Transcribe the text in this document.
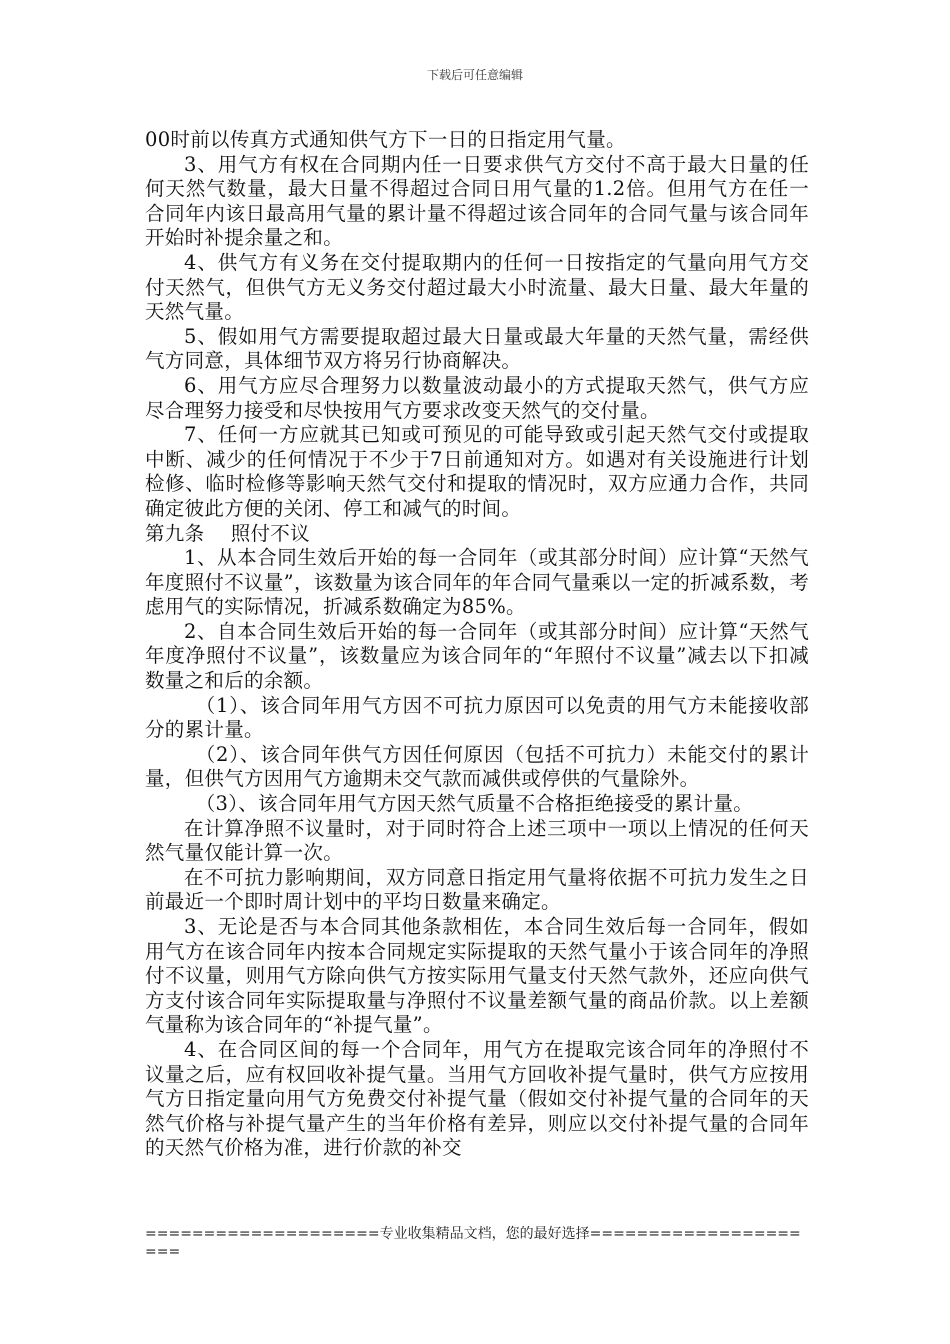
下载后可任意编辑

00时前以传真方式通知供气方下一日的日指定用气量。

3、用气方有权在合同期内任一日要求供气方交付不高于最大日量的任何天然气数量，最大日量不得超过合同日用气量的1.2倍。但用气方在任一合同年内该日最高用气量的累计量不得超过该合同年的合同气量与该合同年开始时补提余量之和。

4、供气方有义务在交付提取期内的任何一日按指定的气量向用气方交付天然气，但供气方无义务交付超过最大小时流量、最大日量、最大年量的天然气量。

5、假如用气方需要提取超过最大日量或最大年量的天然气量，需经供气方同意，具体细节双方将另行协商解决。

6、用气方应尽合理努力以数量波动最小的方式提取天然气，供气方应尽合理努力接受和尽快按用气方要求改变天然气的交付量。

7、任何一方应就其已知或可预见的可能导致或引起天然气交付或提取中断、减少的任何情况于不少于7日前通知对方。如遇对有关设施进行计划检修、临时检修等影响天然气交付和提取的情况时，双方应通力合作，共同确定彼此方便的关闭、停工和减气的时间。

第九条　 照付不议

1、从本合同生效后开始的每一合同年（或其部分时间）应计算“天然气年度照付不议量”，该数量为该合同年的年合同气量乘以一定的折减系数，考虑用气的实际情况，折减系数确定为85%。

2、自本合同生效后开始的每一合同年（或其部分时间）应计算“天然气年度净照付不议量”，该数量应为该合同年的“年照付不议量”减去以下扣减数量之和后的余额。

（1）、该合同年用气方因不可抗力原因可以免责的用气方未能接收部分的累计量。

（2）、该合同年供气方因任何原因（包括不可抗力）未能交付的累计量，但供气方因用气方逾期未交气款而减供或停供的气量除外。

（3）、该合同年用气方因天然气质量不合格拒绝接受的累计量。

在计算净照不议量时，对于同时符合上述三项中一项以上情况的任何天然气量仅能计算一次。

在不可抗力影响期间，双方同意日指定用气量将依据不可抗力发生之日前最近一个即时周计划中的平均日数量来确定。

3、无论是否与本合同其他条款相佐，本合同生效后每一合同年，假如用气方在该合同年内按本合同规定实际提取的天然气量小于该合同年的净照付不议量，则用气方除向供气方按实际用气量支付天然气款外，还应向供气方支付该合同年实际提取量与净照付不议量差额气量的商品价款。以上差额气量称为该合同年的“补提气量”。

4、在合同区间的每一个合同年，用气方在提取完该合同年的净照付不议量之后，应有权回收补提气量。当用气方回收补提气量时，供气方应按用气方日指定量向用气方免费交付补提气量（假如交付补提气量的合同年的天然气价格与补提气量产生的当年价格有差异，则应以交付补提气量的合同年的天然气价格为准，进行价款的补交

====================专业收集精品文档，您的最好选择=====================
